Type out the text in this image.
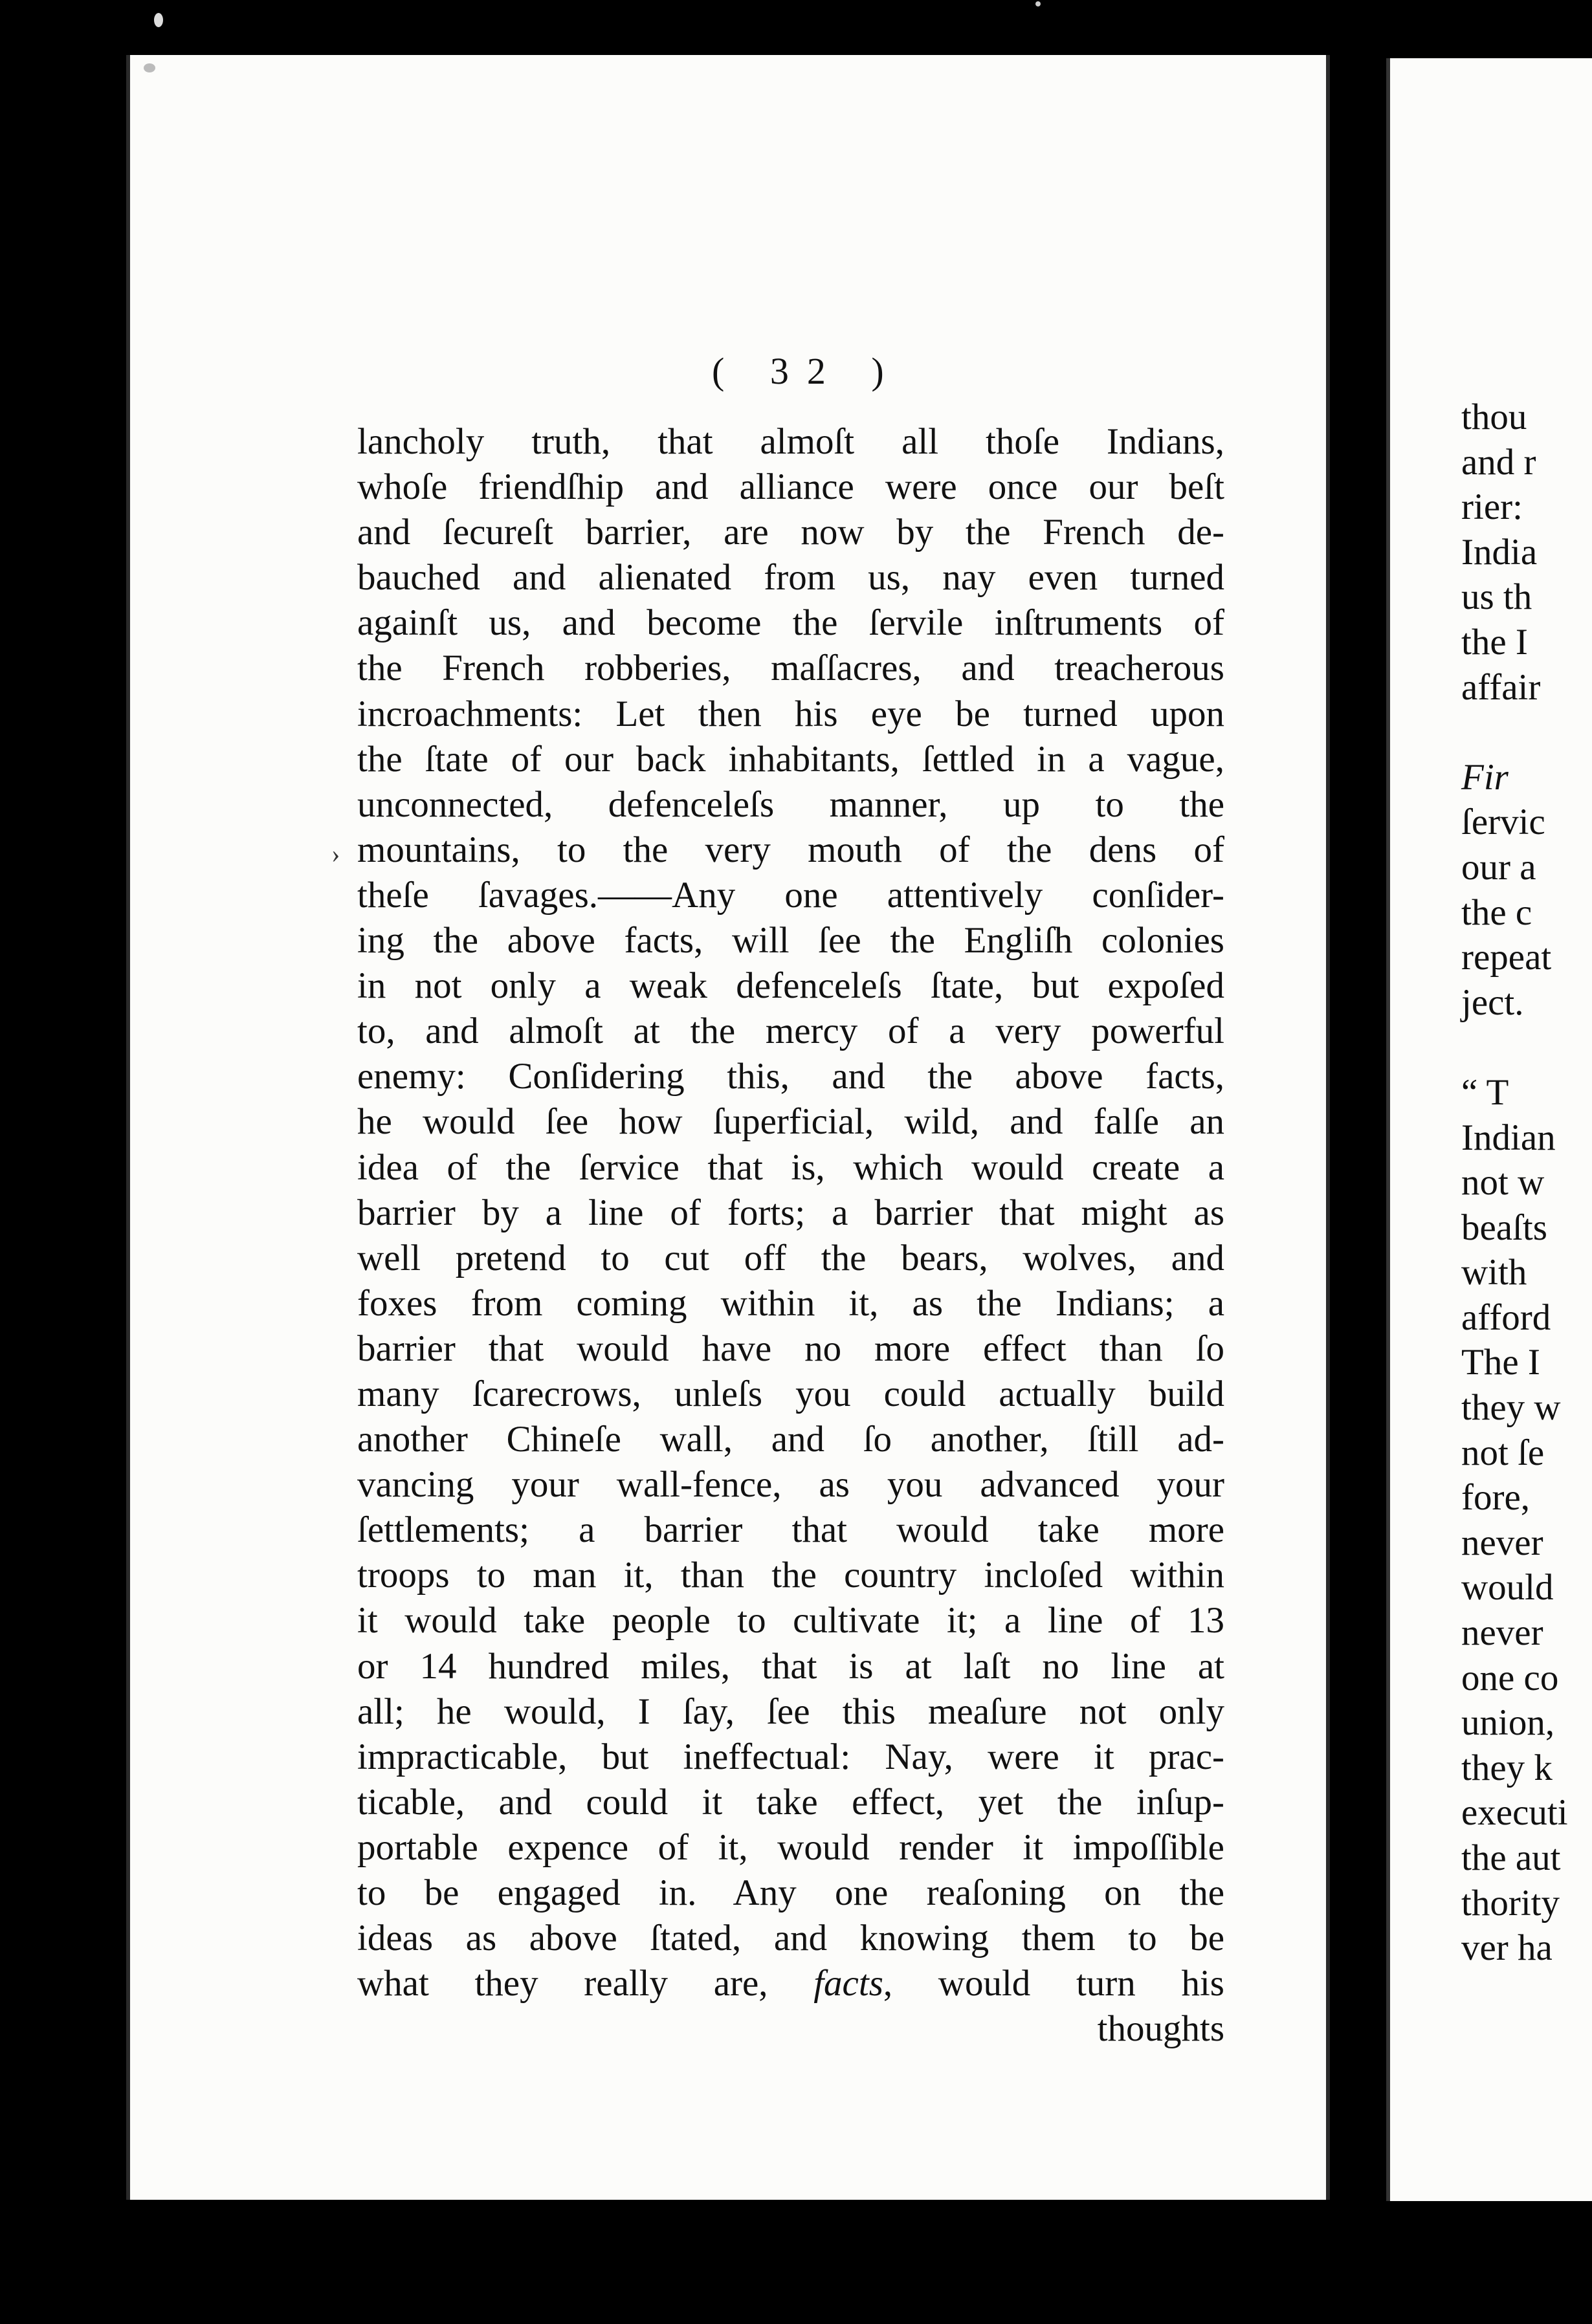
( 32 )
›
lancholy truth, that almoſt all thoſe Indians,
whoſe friendſhip and alliance were once our beſt
and ſecureſt barrier, are now by the French de-
bauched and alienated from us, nay even turned
againſt us, and become the ſervile inſtruments of
the French robberies, maſſacres, and treacherous
incroachments: Let then his eye be turned upon
the ſtate of our back inhabitants, ſettled in a vague,
unconnected, defenceleſs manner, up to the
mountains, to the very mouth of the dens of
theſe ſavages.——Any one attentively conſider-
ing the above facts, will ſee the Engliſh colonies
in not only a weak defenceleſs ſtate, but expoſed
to, and almoſt at the mercy of a very powerful
enemy: Conſidering this, and the above facts,
he would ſee how ſuperficial, wild, and falſe an
idea of the ſervice that is, which would create a
barrier by a line of forts; a barrier that might as
well pretend to cut off the bears, wolves, and
foxes from coming within it, as the Indians; a
barrier that would have no more effect than ſo
many ſcarecrows, unleſs you could actually build
another Chineſe wall, and ſo another, ſtill ad-
vancing your wall-fence, as you advanced your
ſettlements; a barrier that would take more
troops to man it, than the country incloſed within
it would take people to cultivate it; a line of 13
or 14 hundred miles, that is at laſt no line at
all; he would, I ſay, ſee this meaſure not only
impracticable, but ineffectual: Nay, were it prac-
ticable, and could it take effect, yet the inſup-
portable expence of it, would render it impoſſible
to be engaged in. Any one reaſoning on the
ideas as above ſtated, and knowing them to be
what they really are, facts, would turn his
thoughts
thou
and r
rier:
India
us th
the I
affair
Fir
ſervic
our a
the c
repeat
ject.
“ T
Indian
not w
beaſts
with
afford
The I
they w
not ſe
fore,
never
would
never
one co
union,
they k
executi
the aut
thority
ver ha
